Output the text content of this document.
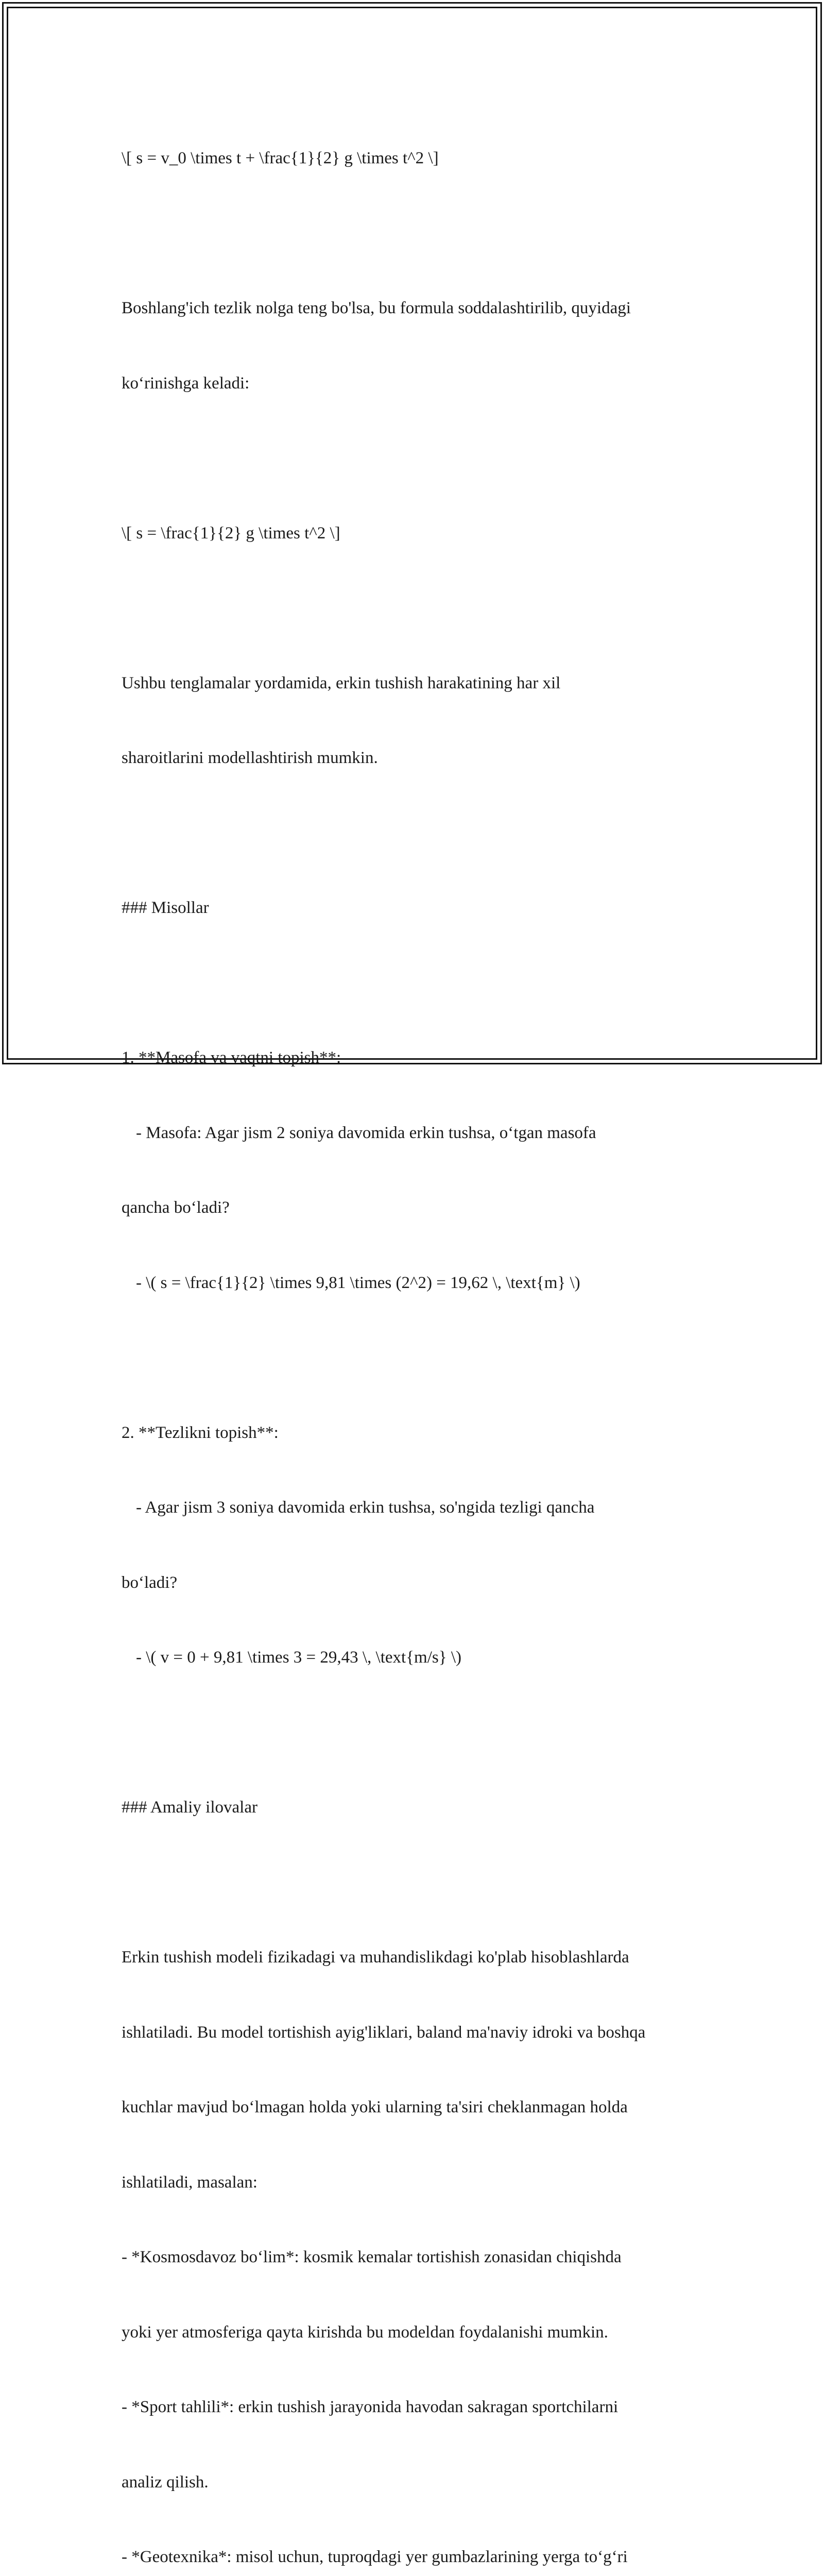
\[ s = v_0 \times t + \frac{1}{2} g \times t^2 \]

Boshlang'ich tezlik nolga teng bo'lsa, bu formula soddalashtirilib, quyidagi

ko‘rinishga keladi:

\[ s = \frac{1}{2} g \times t^2 \]

Ushbu tenglamalar yordamida, erkin tushish harakatining har xil

sharoitlarini modellashtirish mumkin.

### Misollar

1. **Masofa va vaqtni topish**:

- Masofa: Agar jism 2 soniya davomida erkin tushsa, o‘tgan masofa

qancha bo‘ladi?

- \( s = \frac{1}{2} \times 9,81 \times (2^2) = 19,62 \, \text{m} \)

2. **Tezlikni topish**:

- Agar jism 3 soniya davomida erkin tushsa, so'ngida tezligi qancha

bo‘ladi?

- \( v = 0 + 9,81 \times 3 = 29,43 \, \text{m/s} \)

### Amaliy ilovalar

Erkin tushish modeli fizikadagi va muhandislikdagi ko'plab hisoblashlarda

ishlatiladi. Bu model tortishish ayig'liklari, baland ma'naviy idroki va boshqa

kuchlar mavjud bo‘lmagan holda yoki ularning ta'siri cheklanmagan holda

ishlatiladi, masalan:

- *Kosmosdavoz bo‘lim*: kosmik kemalar tortishish zonasidan chiqishda

yoki yer atmosferiga qayta kirishda bu modeldan foydalanishi mumkin.

- *Sport tahlili*: erkin tushish jarayonida havodan sakragan sportchilarni

analiz qilish.

- *Geotexnika*: misol uchun, tuproqdagi yer gumbazlarining yerga to‘g‘ri
